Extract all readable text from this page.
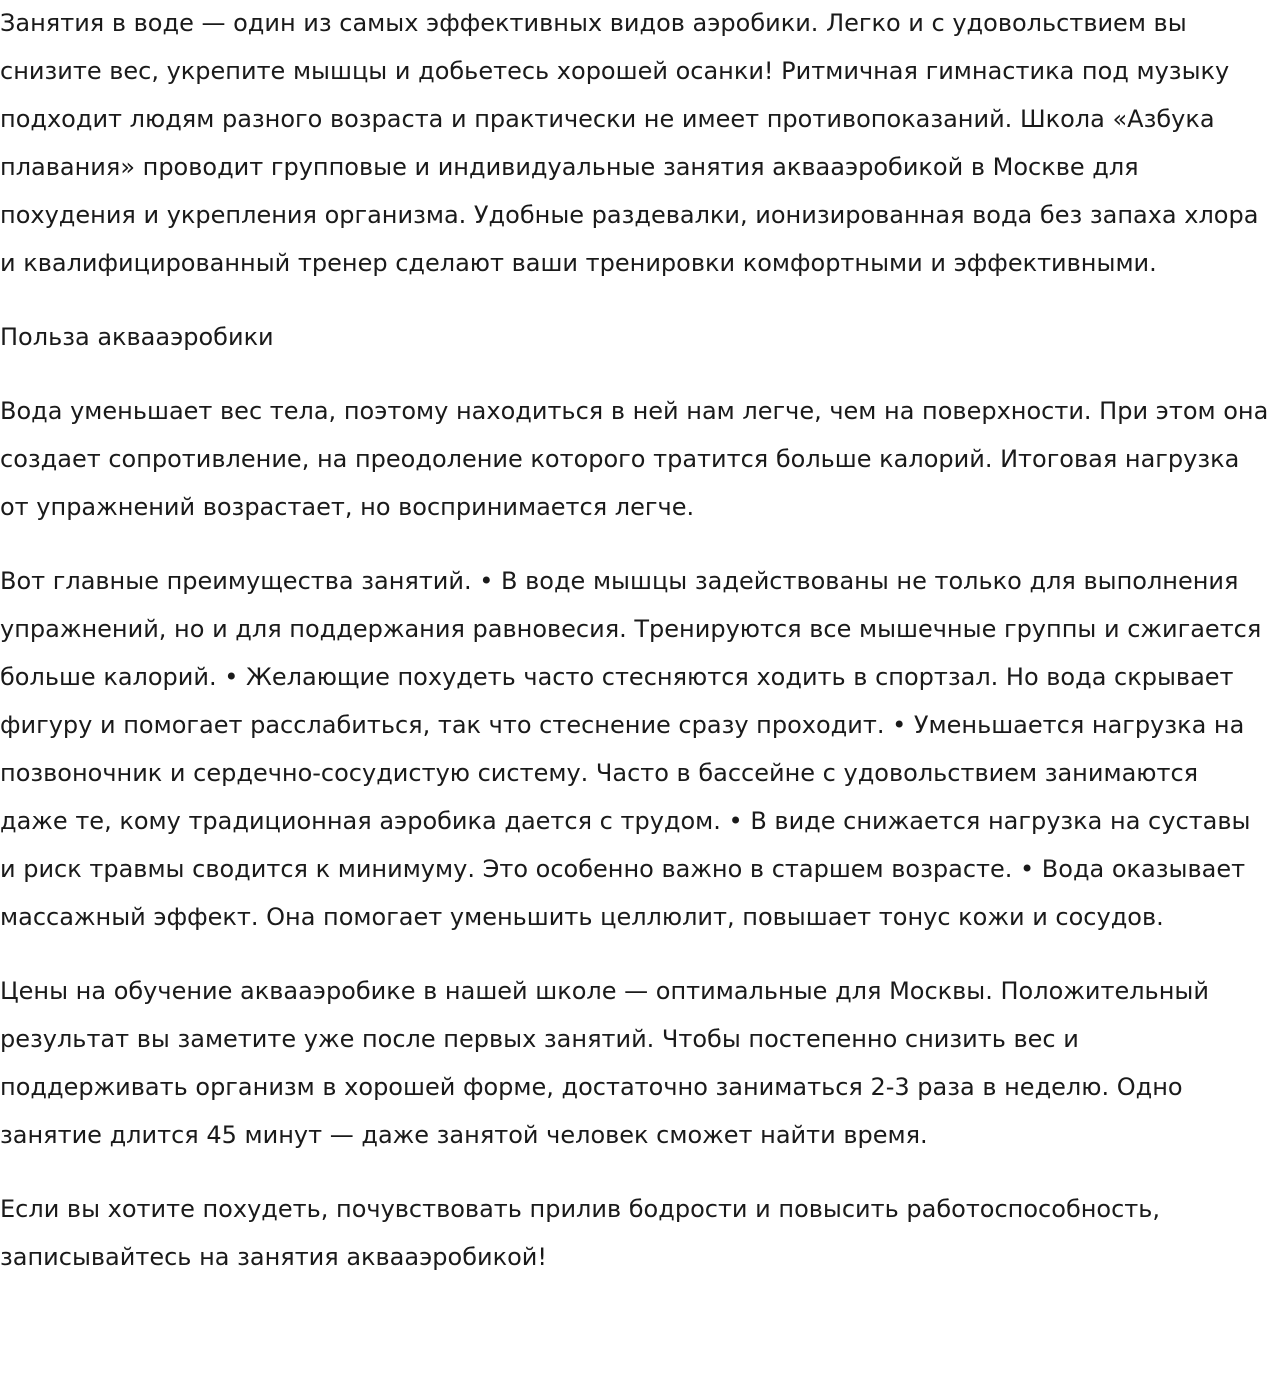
Занятия в воде — один из самых эффективных видов аэробики. Легко и с удовольствием вы снизите вес, укрепите мышцы и добьетесь хорошей осанки! Ритмичная гимнастика под музыку подходит людям разного возраста и практически не имеет противопоказаний. Школа «Азбука плавания» проводит групповые и индивидуальные занятия аквааэробикой в Москве для похудения и укрепления организма. Удобные раздевалки, ионизированная вода без запаха хлора и квалифицированный тренер сделают ваши тренировки комфортными и эффективными.

Польза аквааэробики

Вода уменьшает вес тела, поэтому находиться в ней нам легче, чем на поверхности. При этом она создает сопротивление, на преодоление которого тратится больше калорий. Итоговая нагрузка от упражнений возрастает, но воспринимается легче.

Вот главные преимущества занятий. • В воде мышцы задействованы не только для выполнения упражнений, но и для поддержания равновесия. Тренируются все мышечные группы и сжигается больше калорий. • Желающие похудеть часто стесняются ходить в спортзал. Но вода скрывает фигуру и помогает расслабиться, так что стеснение сразу проходит. • Уменьшается нагрузка на позвоночник и сердечно-сосудистую систему. Часто в бассейне с удовольствием занимаются даже те, кому традиционная аэробика дается с трудом. • В виде снижается нагрузка на суставы и риск травмы сводится к минимуму. Это особенно важно в старшем возрасте. • Вода оказывает массажный эффект. Она помогает уменьшить целлюлит, повышает тонус кожи и сосудов.

Цены на обучение аквааэробике в нашей школе — оптимальные для Москвы. Положительный результат вы заметите уже после первых занятий. Чтобы постепенно снизить вес и поддерживать организм в хорошей форме, достаточно заниматься 2-3 раза в неделю. Одно занятие длится 45 минут — даже занятой человек сможет найти время.

Если вы хотите похудеть, почувствовать прилив бодрости и повысить работоспособность, записывайтесь на занятия аквааэробикой!
